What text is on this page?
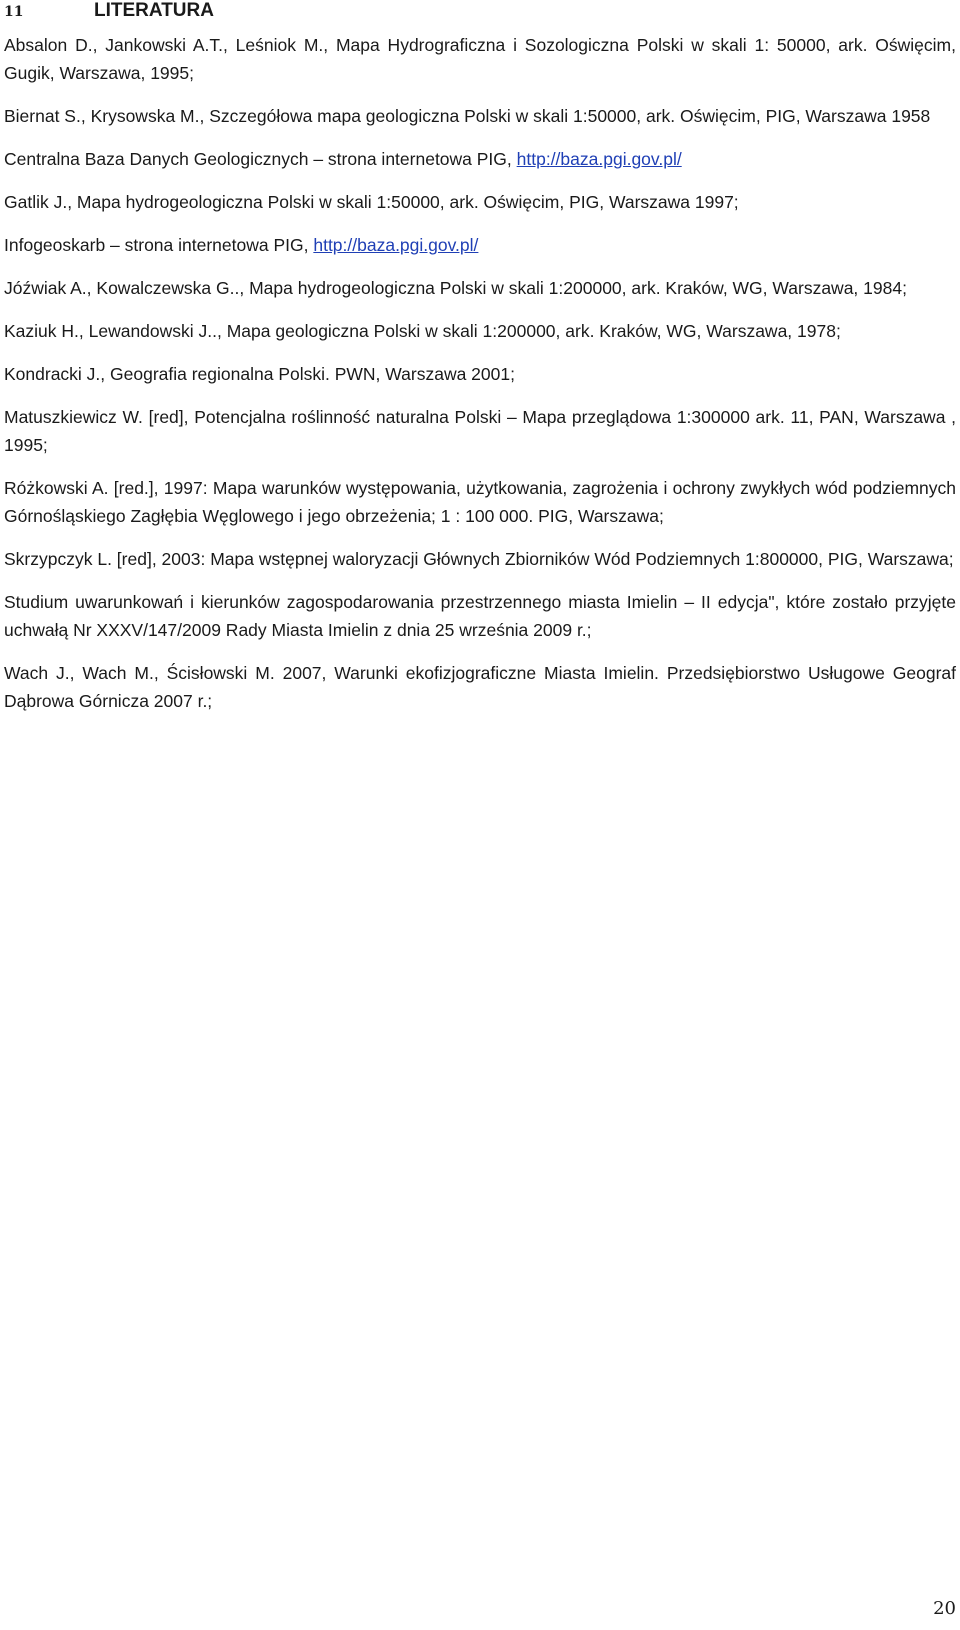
11	LITERATURA

Absalon D., Jankowski A.T., Leśniok M., Mapa Hydrograficzna i Sozologiczna Polski w skali 1: 50000, ark. Oświęcim, Gugik, Warszawa, 1995;

Biernat S., Krysowska M., Szczegółowa mapa geologiczna Polski w skali 1:50000, ark. Oświęcim, PIG, Warszawa 1958

Centralna Baza Danych Geologicznych – strona internetowa PIG, http://baza.pgi.gov.pl/

Gatlik J., Mapa hydrogeologiczna Polski w skali 1:50000, ark. Oświęcim, PIG, Warszawa 1997;

Infogeoskarb – strona internetowa PIG, http://baza.pgi.gov.pl/

Jóźwiak A., Kowalczewska G.., Mapa hydrogeologiczna Polski w skali 1:200000, ark. Kraków, WG, Warszawa, 1984;

Kaziuk H., Lewandowski J.., Mapa geologiczna Polski w skali 1:200000, ark. Kraków, WG, Warszawa, 1978;

Kondracki J., Geografia regionalna Polski. PWN, Warszawa 2001;

Matuszkiewicz W. [red], Potencjalna roślinność naturalna Polski – Mapa przeglądowa 1:300000 ark. 11, PAN, Warszawa , 1995;

Różkowski A. [red.], 1997: Mapa warunków występowania, użytkowania, zagrożenia i ochrony zwykłych wód podziemnych Górnośląskiego Zagłębia Węglowego i jego obrzeżenia; 1 : 100 000. PIG, Warszawa;

Skrzypczyk L. [red], 2003: Mapa wstępnej waloryzacji Głównych Zbiorników Wód Podziemnych 1:800000, PIG, Warszawa;

Studium uwarunkowań i kierunków zagospodarowania przestrzennego miasta Imielin – II edycja", które zostało przyjęte uchwałą Nr XXXV/147/2009 Rady Miasta Imielin z dnia 25 września 2009 r.;

Wach J., Wach M., Ścisłowski M. 2007, Warunki ekofizjograficzne Miasta Imielin. Przedsiębiorstwo Usługowe Geograf Dąbrowa Górnicza 2007 r.;

20
